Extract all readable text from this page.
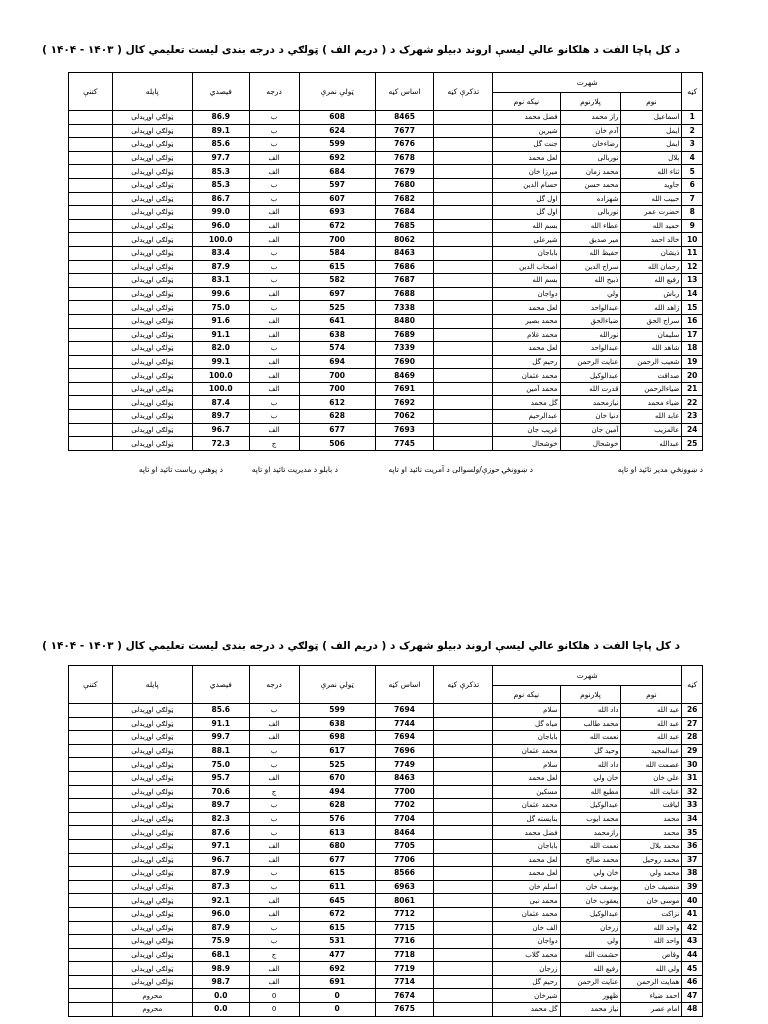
د کل پاچا الفت د هلکانو عالي لیسې اروند دبیلو شهرک د ( دریم الف ) ټولګي د درجه بندی لیست تعلیمي کال ( ۱۴۰۳ - ۱۴۰۴ )
کڼه	شهرت			تذکرې کڼه	اساس کڼه	ټولې نمرې	درجه	فیصدي	پایله	کتنې
	نوم	پلارنوم	نیکه نوم							
1	اسماعیل	راز محمد	فضل محمد		8465	608	ب	86.9	ټولګي اوړیدلی	
2	ایمل	آدم خان	شیرین		7677	624	ب	89.1	ټولګي اوړیدلی	
3	ایمل	رضاءخان	جنت گل		7676	599	ب	85.6	ټولګي اوړیدلی	
4	بلال	نوربالی	لعل محمد		7678	692	الف	97.7	ټولګي اوړیدلی	
5	ثناء الله	محمد زمان	میرزا خان		7679	684	الف	85.3	ټولګي اوړیدلی	
6	جاوید	محمد حسن	حسام الدین		7680	597	ب	85.3	ټولګي اوړیدلی	
7	حبیب الله	شهزاده	اول گل		7682	607	ب	86.7	ټولګي اوړیدلی	
8	حضرت عمر	نوربالی	اول گل		7684	693	الف	99.0	ټولګي اوړیدلی	
9	حمید الله	عطاء الله	بسم الله		7685	672	الف	96.0	ټولګي اوړیدلی	
10	خالد احمد	میر صدیق	شیرعلی		8062	700	الف	100.0	ټولګي اوړیدلی	
11	ذیشان	حفیظ الله	باباجان		8463	584	ب	83.4	ټولګي اوړیدلی	
12	رحمان الله	سراج الدین	اصحاب الدین		7686	615	ب	87.9	ټولګي اوړیدلی	
13	رفیع الله	ذبیح الله	بسم الله		7687	582	ب	83.1	ټولګي اوړیدلی	
14	رباش	ولي	دواجان		7688	697	الف	99.6	ټولګي اوړیدلی	
15	زاهد الله	عبدالواحد	لعل محمد		7338	525	ب	75.0	ټولګي اوړیدلی	
16	سراج الحق	ضیاءالحق	محمد بصیر		8480	641	الف	91.6	ټولګي اوړیدلی	
17	سلیمان	نورالله	محمد غلام		7689	638	الف	91.1	ټولګي اوړیدلی	
18	شاهد الله	عبدالواحد	لعل محمد		7339	574	ب	82.0	ټولګي اوړیدلی	
19	شعیب الرحمن	عنایت الرحمن	رحیم گل		7690	694	الف	99.1	ټولګي اوړیدلی	
20	صداقت	عبدالوکیل	محمد عثمان		8469	700	الف	100.0	ټولګي اوړیدلی	
21	ضیاءالرحمن	قدرت الله	محمد آمین		7691	700	الف	100.0	ټولګي اوړیدلی	
22	ضیاء محمد	نیازمحمد	گل محمد		7692	612	ب	87.4	ټولګي اوړیدلی	
23	عابد الله	دنیا خان	عبدالرحیم		7062	628	ب	89.7	ټولګي اوړیدلی	
24	عالمزیب	آمین جان	غریب جان		7693	677	الف	96.7	ټولګي اوړیدلی	
25	عبدالله	خوشحال	خوشحال		7745	506	ج	72.3	ټولګي اوړیدلی	
د ښوونځي مدیر تائید او تاپه
د ښوونځۍ حوزې/ولسوالی د آمریت تائید او تاپه
د بابلو د مدیریت تائید او تاپه
د پوهنې ریاست تائید او تاپه
د کل پاچا الفت د هلکانو عالي لیسې اروند دبیلو شهرک د ( دریم الف ) ټولګي د درجه بندی لیست تعلیمي کال ( ۱۴۰۳ - ۱۴۰۴ )
کڼه	شهرت			تذکرې کڼه	اساس کڼه	ټولې نمرې	درجه	فیصدي	پایله	کتنې
	نوم	پلارنوم	نیکه نوم							
26	عبد الله	داد الله	سلام		7694	599	ب	85.6	ټولګي اوړیدلی	
27	عبد الله	محمد طالب	میاه گل		7744	638	الف	91.1	ټولګي اوړیدلی	
28	عبد الله	نعمت الله	باباجان		7694	698	الف	99.7	ټولګي اوړیدلی	
29	عبدالمجید	وحید گل	محمد عثمان		7696	617	ب	88.1	ټولګي اوړیدلی	
30	عصمت الله	داد الله	سلام		7749	525	ب	75.0	ټولګي اوړیدلی	
31	علي خان	خان ولي	لعل محمد		8463	670	الف	95.7	ټولګي اوړیدلی	
32	عنایت الله	مطیع الله	مسکین		7700	494	ج	70.6	ټولګي اوړیدلی	
33	لیاقت	عبدالوکیل	محمد عثمان		7702	628	ب	89.7	ټولګي اوړیدلی	
34	محمد	محمد ایوب	بنایسته گل		7704	576	ب	82.3	ټولګي اوړیدلی	
35	محمد	رازمحمد	فضل محمد		8464	613	ب	87.6	ټولګي اوړیدلی	
36	محمد بلال	نعمت الله	باباجان		7705	680	الف	97.1	ټولګي اوړیدلی	
37	محمد روحیل	محمد صالح	لعل محمد		7706	677	الف	96.7	ټولګي اوړیدلی	
38	محمد ولي	خان ولي	لعل محمد		8566	615	ب	87.9	ټولګي اوړیدلی	
39	منصیف خان	یوسف خان	اسلم خان		6963	611	ب	87.3	ټولګي اوړیدلی	
40	موسی خان	یعقوب خان	محمد نبی		8061	645	الف	92.1	ټولګي اوړیدلی	
41	نزاکت	عبدالوکیل	محمد عثمان		7712	672	الف	96.0	ټولګي اوړیدلی	
42	واجد الله	زرخان	الف خان		7715	615	ب	87.9	ټولګي اوړیدلی	
43	واحد الله	ولي	دواجان		7716	531	ب	75.9	ټولګي اوړیدلی	
44	وقاص	حشمت الله	محمد گلاب		7718	477	ج	68.1	ټولګي اوړیدلی	
45	ولي الله	رفیع الله	زرجان		7719	692	الف	98.9	ټولګي اوړیدلی	
46	همایت الرحمن	عنایت الرحمن	رحیم گل		7714	691	الف	98.7	ټولګي اوړیدلی	
47	احمد ضیاء	ظهور	شیرخان		7674	0	0	0.0	محروم	
48	امام عصر	نیاز محمد	گل محمد		7675	0	0	0.0	محروم	
